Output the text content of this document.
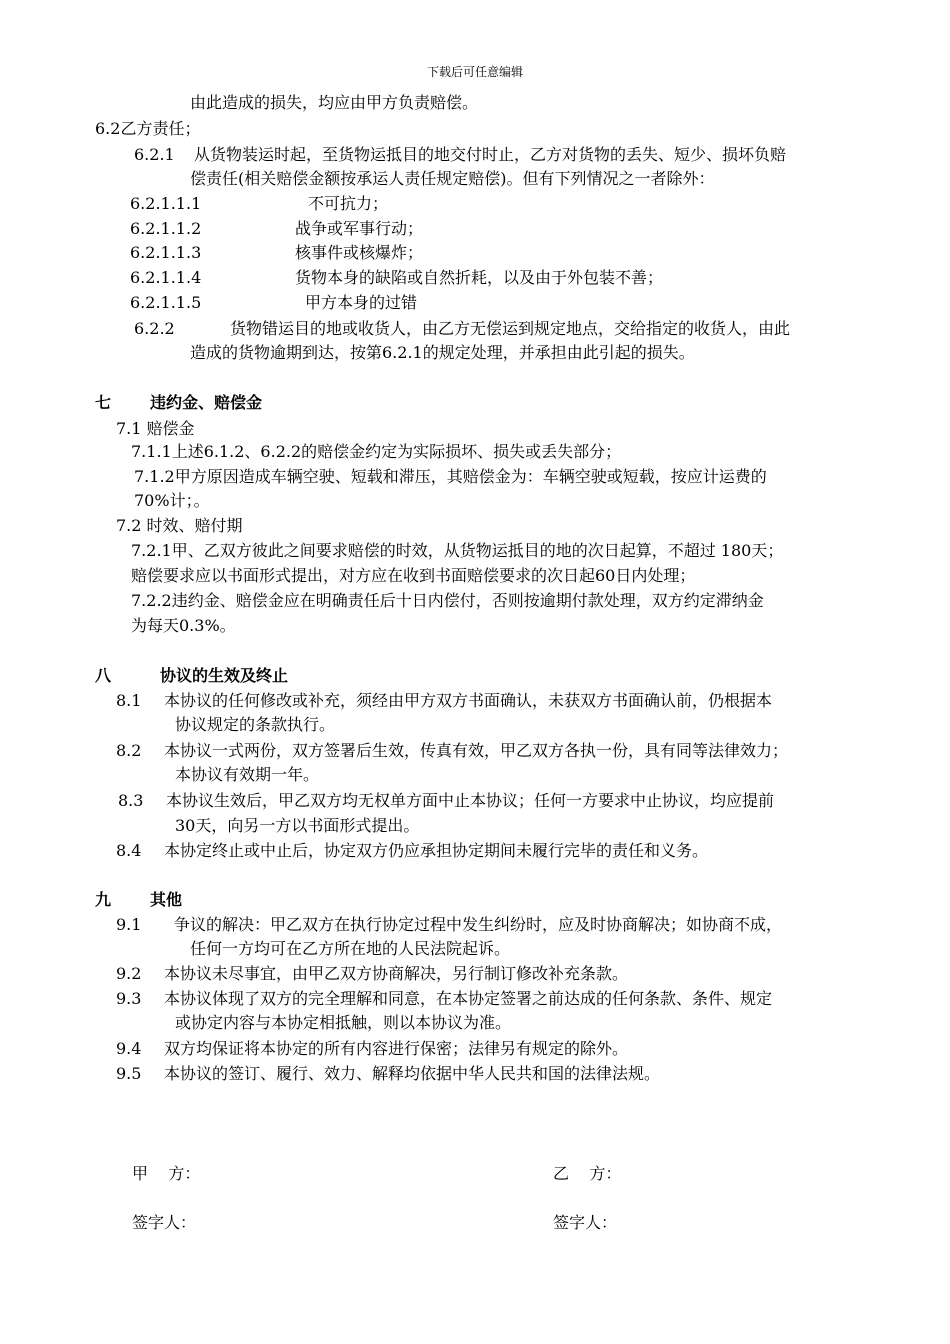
下载后可任意编辑
由此造成的损失，均应由甲方负责赔偿。
6.2乙方责任；
6.2.1 从货物装运时起，至货物运抵目的地交付时止，乙方对货物的丢失、短少、损坏负赔
偿责任(相关赔偿金额按承运人责任规定赔偿)。但有下列情况之一者除外：
6.2.1.1.1	不可抗力；
6.2.1.1.2	战争或军事行动；
6.2.1.1.3	核事件或核爆炸；
6.2.1.1.4	货物本身的缺陷或自然折耗，以及由于外包装不善；
6.2.1.1.5	甲方本身的过错
6.2.2	货物错运目的地或收货人，由乙方无偿运到规定地点，交给指定的收货人，由此
造成的货物逾期到达，按第6.2.1的规定处理，并承担由此引起的损失。
七 违约金、赔偿金
7.1 赔偿金
7.1.1上述6.1.2、6.2.2的赔偿金约定为实际损坏、损失或丢失部分；
7.1.2甲方原因造成车辆空驶、短载和滞压，其赔偿金为：车辆空驶或短载，按应计运费的
70%计；。
7.2 时效、赔付期
7.2.1甲、乙双方彼此之间要求赔偿的时效，从货物运抵目的地的次日起算，不超过 180天；
赔偿要求应以书面形式提出，对方应在收到书面赔偿要求的次日起60日内处理；
7.2.2违约金、赔偿金应在明确责任后十日内偿付，否则按逾期付款处理，双方约定滞纳金
为每天0.3%。
八	协议的生效及终止
8.1 本协议的任何修改或补充，须经由甲方双方书面确认，未获双方书面确认前，仍根据本
协议规定的条款执行。
8.2 本协议一式两份，双方签署后生效，传真有效，甲乙双方各执一份，具有同等法律效力；
本协议有效期一年。
8.3 本协议生效后，甲乙双方均无权单方面中止本协议；任何一方要求中止协议，均应提前
30天，向另一方以书面形式提出。
8.4 本协定终止或中止后，协定双方仍应承担协定期间未履行完毕的责任和义务。
九 其他
9.1 争议的解决：甲乙双方在执行协定过程中发生纠纷时，应及时协商解决；如协商不成，
任何一方均可在乙方所在地的人民法院起诉。
9.2 本协议未尽事宜，由甲乙双方协商解决，另行制订修改补充条款。
9.3 本协议体现了双方的完全理解和同意，在本协定签署之前达成的任何条款、条件、规定
或协定内容与本协定相抵触，则以本协议为准。
9.4 双方均保证将本协定的所有内容进行保密；法律另有规定的除外。
9.5 本协议的签订、履行、效力、解释均依据中华人民共和国的法律法规。
甲    方：	乙    方：
签字人：	签字人：
